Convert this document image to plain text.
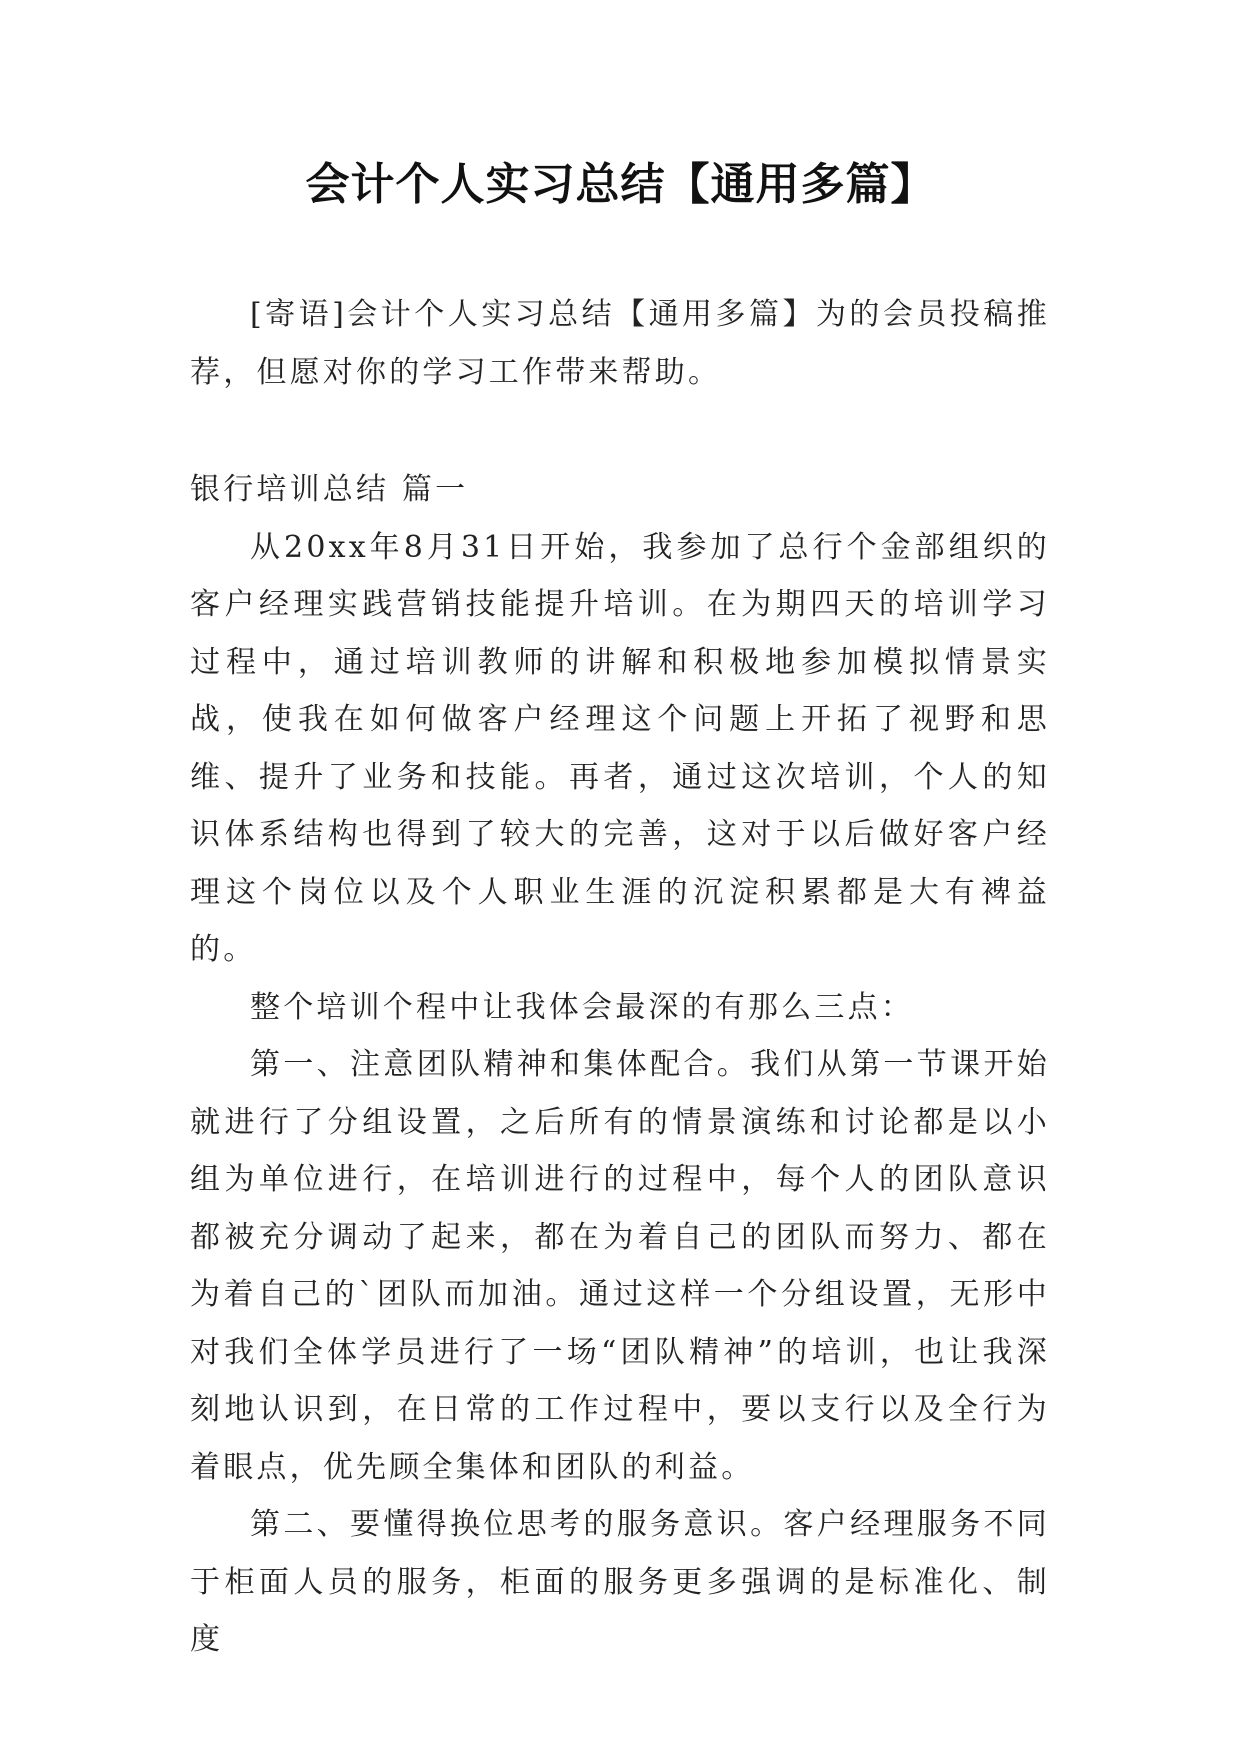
会计个人实习总结【通用多篇】

[寄语]会计个人实习总结【通用多篇】为的会员投稿推荐，但愿对你的学习工作带来帮助。

银行培训总结 篇一

从20xx年8月31日开始，我参加了总行个金部组织的客户经理实践营销技能提升培训。在为期四天的培训学习过程中，通过培训教师的讲解和积极地参加模拟情景实战，使我在如何做客户经理这个问题上开拓了视野和思维、提升了业务和技能。再者，通过这次培训，个人的知识体系结构也得到了较大的完善，这对于以后做好客户经理这个岗位以及个人职业生涯的沉淀积累都是大有裨益的。

整个培训个程中让我体会最深的有那么三点：

第一、注意团队精神和集体配合。我们从第一节课开始就进行了分组设置，之后所有的情景演练和讨论都是以小组为单位进行，在培训进行的过程中，每个人的团队意识都被充分调动了起来，都在为着自己的团队而努力、都在为着自己的`团队而加油。通过这样一个分组设置，无形中对我们全体学员进行了一场“团队精神”的培训，也让我深刻地认识到，在日常的工作过程中，要以支行以及全行为着眼点，优先顾全集体和团队的利益。

第二、要懂得换位思考的服务意识。客户经理服务不同于柜面人员的服务，柜面的服务更多强调的是标准化、制度
